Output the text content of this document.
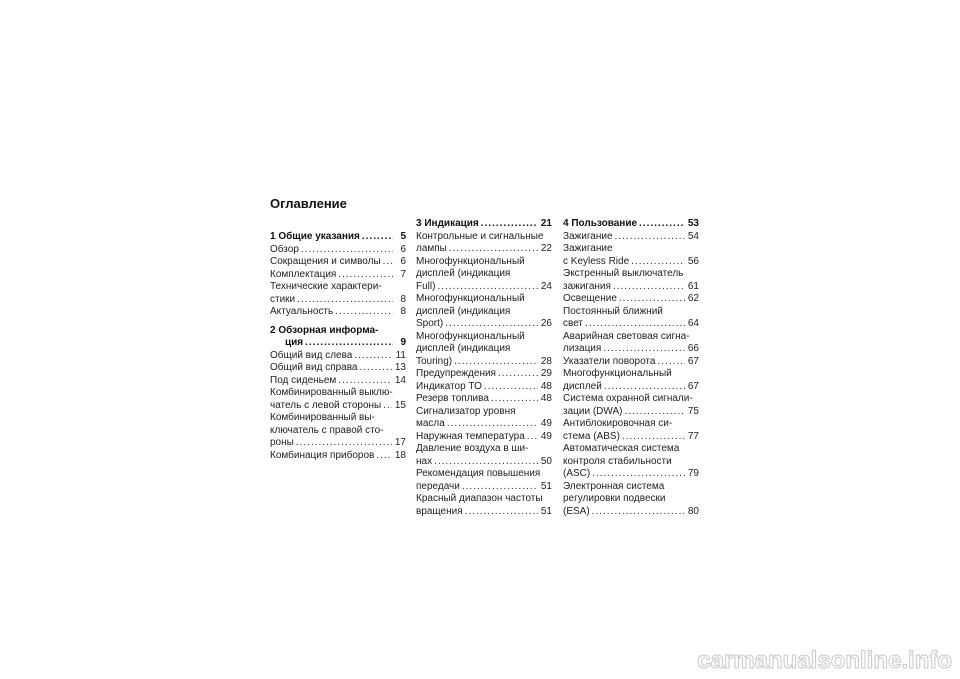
Оглавление
1 Общие указания .....	5
Обзор .....	6
Сокращения и символы .....	6
Комплектация .....	7
Технические характери-
стики .....	8
Актуальность .....	8
2 Обзорная информа-
ция .....	9
Общий вид слева .....	11
Общий вид справа .....	13
Под сиденьем .....	14
Комбинированный выклю-
чатель с левой стороны ..... 15
Комбинированный вы-
ключатель с правой сто-
роны .....	17
Комбинация приборов ..... 18
3 Индикация .....	21
Контрольные и сигнальные
лампы .....	22
Многофункциональный
дисплей (индикация
Full) .....	24
Многофункциональный
дисплей (индикация
Sport) .....	26
Многофункциональный
дисплей (индикация
Touring) .....	28
Предупреждения .....	29
Индикатор ТО .....	48
Резерв топлива .....	48
Сигнализатор уровня
масла .....	49
Наружная температура ..... 49
Давление воздуха в ши-
нах .....	50
Рекомендация повышения
передачи .....	51
Красный диапазон частоты
вращения .....	51
4 Пользование .....	53
Зажигание .....	54
Зажигание
с Keyless Ride .....	56
Экстренный выключатель
зажигания .....	61
Освещение .....	62
Постоянный ближний
свет .....	64
Аварийная световая сигна-
лизация .....	66
Указатели поворота .....	67
Многофункциональный
дисплей .....	67
Система охранной сигнали-
зации (DWA) .....	75
Антиблокировочная си-
стема (ABS) .....	77
Автоматическая система
контроля стабильности
(ASC) .....	79
Электронная система
регулировки подвески
(ESA) .....	80
carmanualsonline.info
